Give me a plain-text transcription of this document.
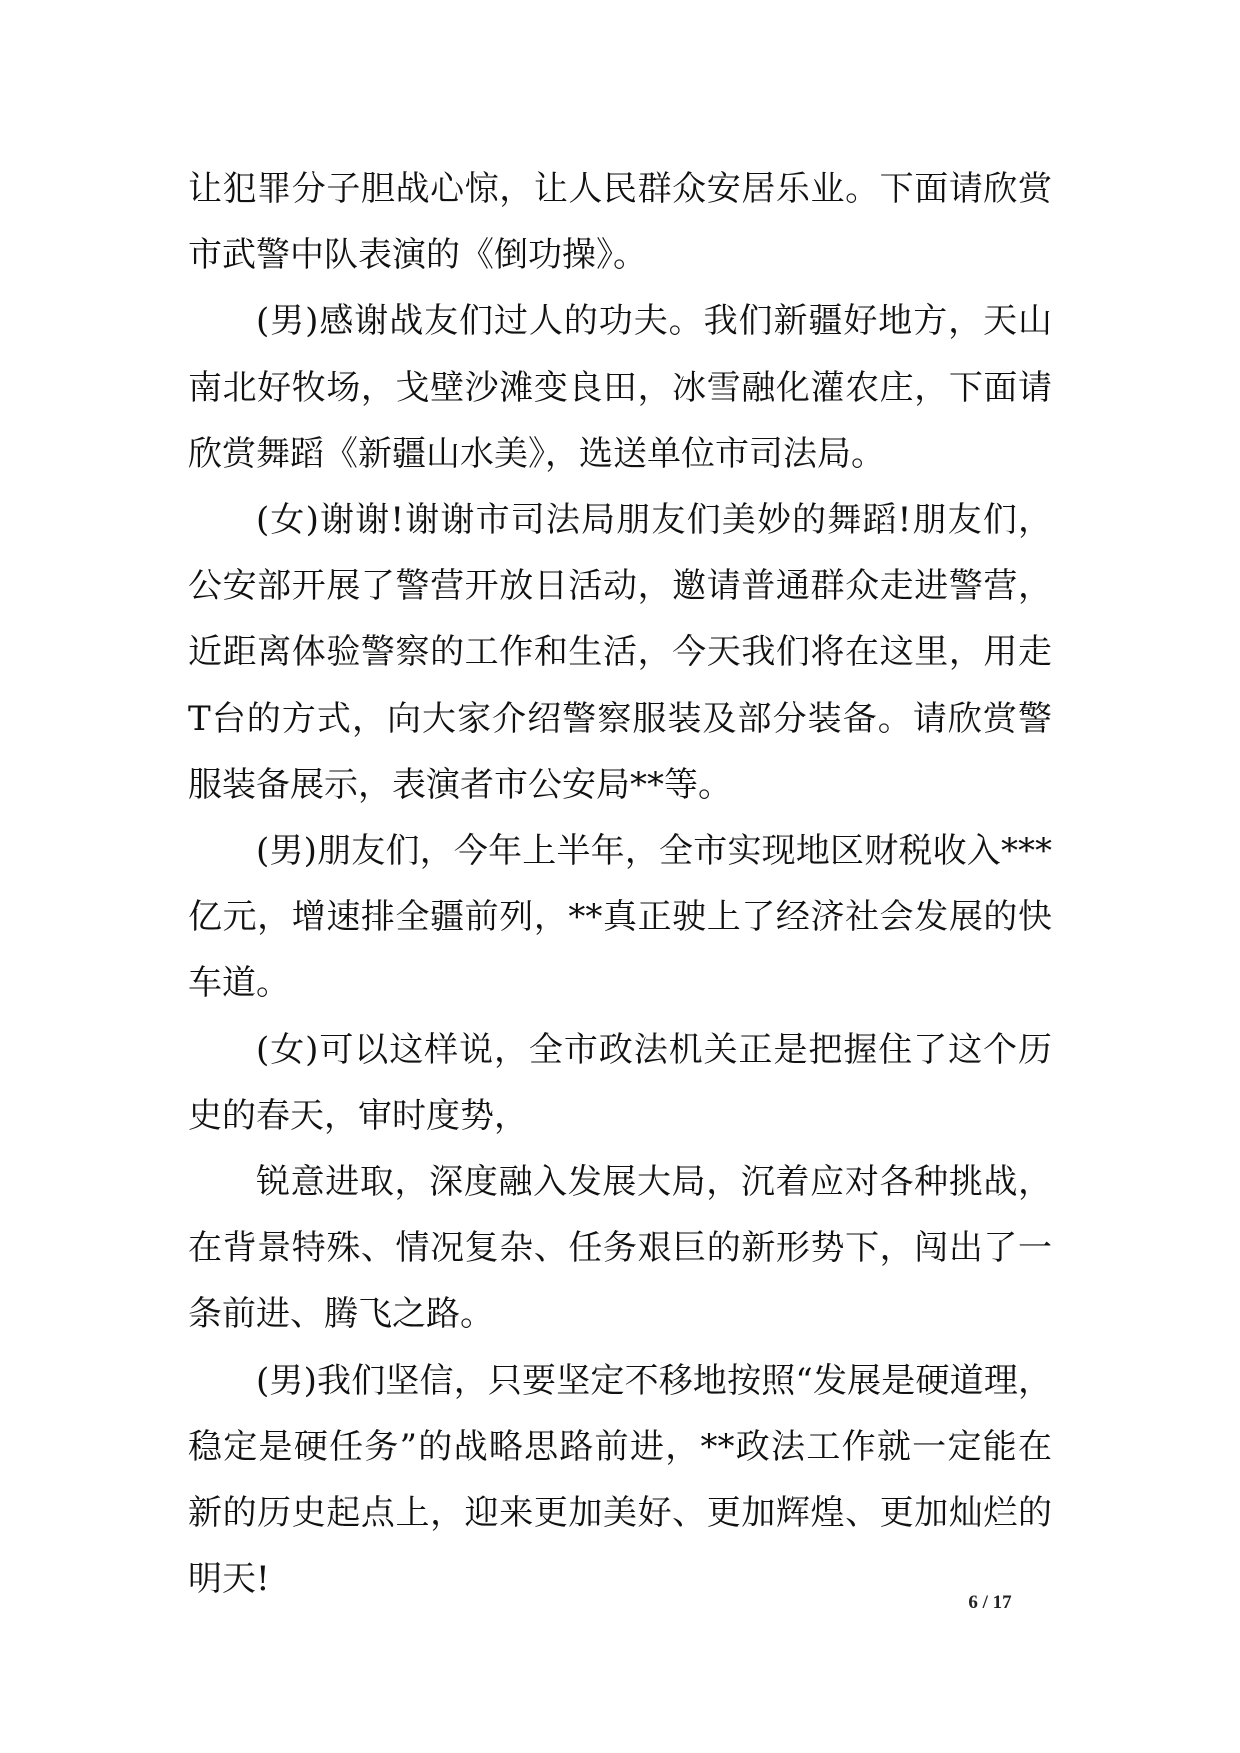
让犯罪分子胆战心惊，让人民群众安居乐业。下面请欣赏市武警中队表演的《倒功操》。

(男)感谢战友们过人的功夫。我们新疆好地方，天山南北好牧场，戈壁沙滩变良田，冰雪融化灌农庄，下面请欣赏舞蹈《新疆山水美》，选送单位市司法局。

(女)谢谢!谢谢市司法局朋友们美妙的舞蹈!朋友们，公安部开展了警营开放日活动，邀请普通群众走进警营，近距离体验警察的工作和生活，今天我们将在这里，用走T台的方式，向大家介绍警察服装及部分装备。请欣赏警服装备展示，表演者市公安局**等。

(男)朋友们，今年上半年，全市实现地区财税收入***亿元，增速排全疆前列，**真正驶上了经济社会发展的快车道。

(女)可以这样说，全市政法机关正是把握住了这个历史的春天，审时度势，

锐意进取，深度融入发展大局，沉着应对各种挑战，在背景特殊、情况复杂、任务艰巨的新形势下，闯出了一条前进、腾飞之路。

(男)我们坚信，只要坚定不移地按照“发展是硬道理，稳定是硬任务”的战略思路前进，**政法工作就一定能在新的历史起点上，迎来更加美好、更加辉煌、更加灿烂的明天!

6 / 17
